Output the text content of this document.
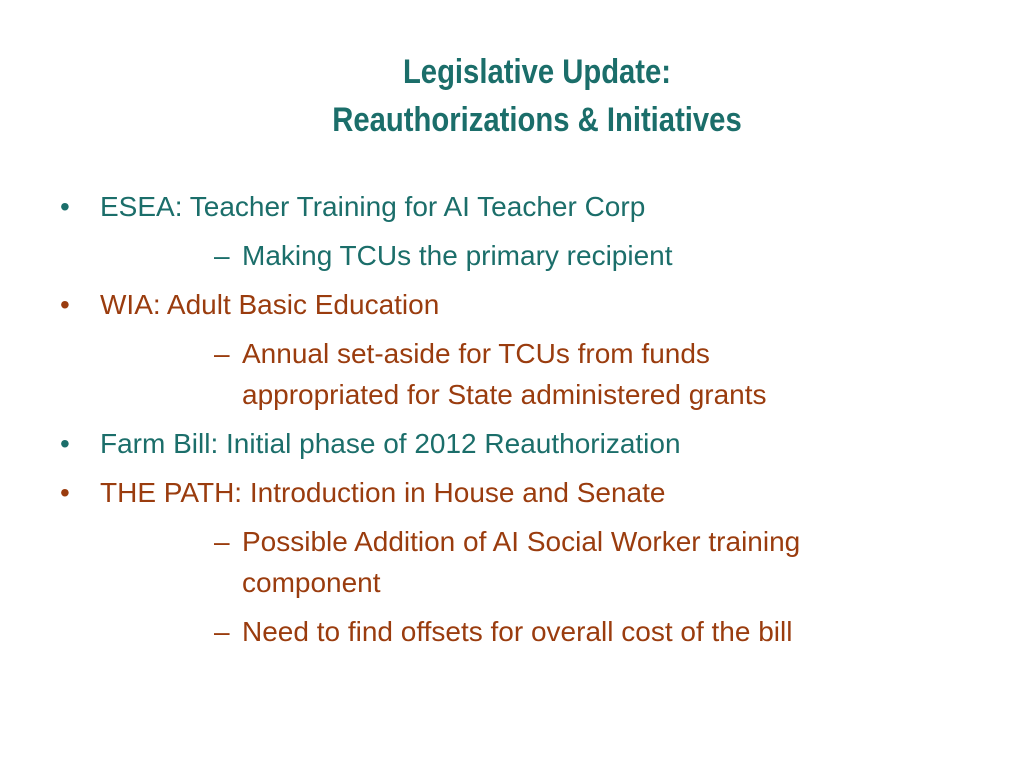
Legislative Update:
Reauthorizations & Initiatives
• ESEA: Teacher Training for AI Teacher Corp
– Making TCUs the primary recipient
• WIA: Adult Basic Education
– Annual set-aside for TCUs from funds
appropriated for State administered grants
• Farm Bill: Initial phase of 2012 Reauthorization
• THE PATH: Introduction in House and Senate
– Possible Addition of AI Social Worker training
component
– Need to find offsets for overall cost of the bill
